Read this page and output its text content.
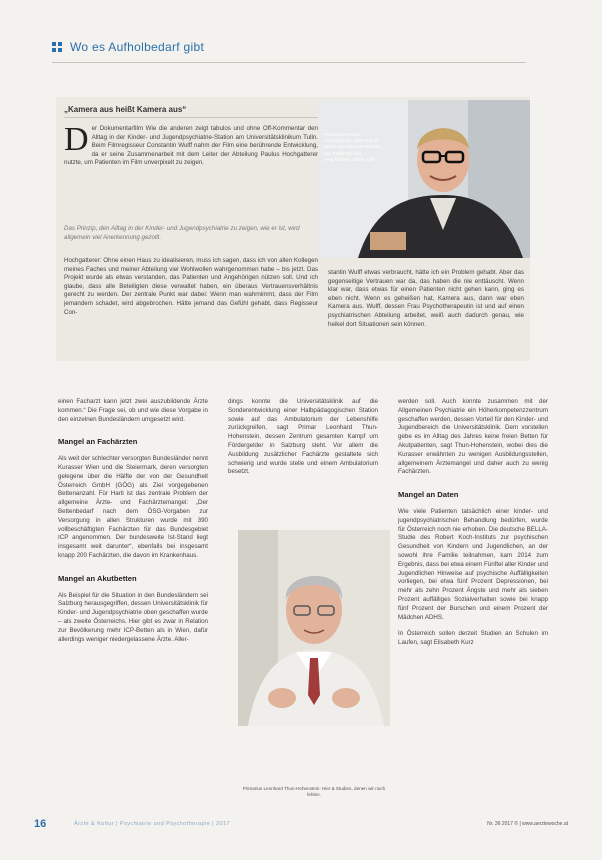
Wo es Aufholbedarf gibt
„Kamera aus heißt Kamera aus“
Der Dokumentarfilm Wie die anderen zeigt tabulos und ohne Off-Kommentar den Alltag in der Kinder- und Jugendpsychiatrie-Station am Universitätsklinikum Tulln. Beim Filmregisseur Constantin Wulff nahm der Film eine berührende Entwicklung, da er seine Zusammenarbeit mit dem Leiter der Abteilung Paulus Hochgatterer nutzte, um Patienten im Film unverpixelt zu zeigen.
Das Prinzip, den Alltag in der Kinder- und Jugendpsychiatrie zu zeigen, wie er ist, wird allgemein viel Anerkennung gezollt.
Hochgatterer: Ohne einen Haus zu idealisieren, muss ich sagen, dass ich von allen Kollegen meines Faches und meiner Abteilung viel Wohlwollen wahrgenommen habe – bis jetzt. Das Projekt wurde als etwas verstanden, das Patienten und Angehörigen nützen soll. Und ich glaube, dass alle Beteiligten diese verwaltet haben, ein überaus Vertrauensverhältnis gerecht zu werden. Der zentrale Punkt war dabei: Wenn man wahrnimmt, dass der Film jemandem schadet, wird abgebrochen. Hätte jemand das Gefühl gehabt, dass Regisseur Con-
stantin Wulff etwas verbraucht, hätte ich ein Problem gehabt. Aber das gegenseitige Vertrauen war da, das haben die nie enttäuscht. Wenn klar war, dass etwas für einen Patienten nicht gehen kann, ging es eben nicht. Wenn es geheißen hat, Kamera aus, dann war eben Kamera aus. Wulff, dessen Frau Psychotherapeutin ist und auf einen psychiatrischen Abteilung arbeitet, weiß auch dadurch genau, wie heikel dort Situationen sein können.
Primararzt Paulus Hochgatterer: „Das Projekt wurde als etwas verstanden, das Patienten und Angehörigen nützen soll.“

einen Facharzt kann jetzt zwei auszubildende Ärzte kommen.“ Die Frage sei, ob und wie diese Vorgabe in den einzelnen Bundesländern umgesetzt wird.

Mangel an Fachärzten

Als weit der schlechter versorgten Bundesländer nennt Kurasser Wien und die Steiermark, deren versorgten gelegene über die Hälfte der von der Gesundheit Österreich GmbH (GÖG) als Ziel vorgegebenen Bettenanzahl. Für Harti ist das zentrale Problem der allgemeine Ärzte- und Fachärztemangel: „Der Bettenbedarf nach dem ÖSG-Vorgaben zur Versorgung in allen Strukturen wurde mit 390 vollbeschäftigten Fachärzten für das Bundesgebiet ICP angenommen. Der bundesweite Ist-Stand liegt insgesamt weit darunter“, ebenfalls bei insgesamt knapp 200 Fachärzten, die davon im Krankenhaus.

Mangel an Akutbetten

Als Beispiel für die Situation in den Bundesländern sei Salzburg herausgegriffen, dessen Universitätsklinik für Kinder- und Jugendpsychiatrie oben geschaffen wurde – als zweite Österreichs. Hier gibt es zwar in Relation zur Bevölkerung mehr ICP-Betten als in Wien, dafür allerdings weniger niedergelassene Ärzte. Aller-

dings konnte die Universitätsklinik auf die Sonderentwicklung einer Halbpädagogischen Station sowie auf das Ambulatorium der Lebenshilfe zurückgreifen, sagt Primar Leonhard Thun-Hohenstein, dessen Zentrum gesamten Kampf um Fördergelder in Salzburg steht. Vor allem die Ausbildung zusätzlicher Fachärzte gestaltete sich schwierig und wurde stelle und einem Ambulatorium besetzt.

Primarius Leonhard Thun-Hohenstein: Hier & Studien, denen wir noch fehlen.

werden soll. Auch konnte zusammen mit der Allgemeinen Psychiatrie ein Höherkompetenzzentrum geschaffen werden, dessen Vorteil für den Kinder- und Jugendbereich die Universitätsklinik. Dem vorstellen gebe es im Alltag des Jahres keine freien Betten für Akutpatienten, sagt Thun-Hohenstein, wobei dies die Kurasser erwähnten zu wenigen Ausbildungsstellen, allgemeinem Ärztemangel und daher auch zu wenig Fachärzten.

Mangel an Daten

Wie viele Patienten tatsächlich einer kinder- und jugendpsychiatrischen Behandlung bedürfen, wurde für Österreich noch nie erhoben. Die deutsche BELLA-Studie des Robert Koch-Instituts zur psychischen Gesundheit von Kindern und Jugendlichen, an der sowohl ihre Familie teilnahmen, kam 2014 zum Ergebnis, dass bei etwa einem Fünftel aller Kinder und Jugendlichen Hinweise auf psychische Auffälligkeiten vorliegen, bei etwa fünf Prozent Depressionen, bei mehr als zehn Prozent Ängste und mehr als sieben Prozent auffälliges Sozialverhalten sowie bei knapp fünf Prozent der Burschen und einem Prozent der Mädchen ADHS.

In Österreich sollen derzeit Studien an Schulen im Laufen, sagt Elisabeth Kurz

16	Ärzte & Kultur | Psychiatrie und Psychotherapie | 2017	Nr. 36 2017 © | www.aerztewoche.at
